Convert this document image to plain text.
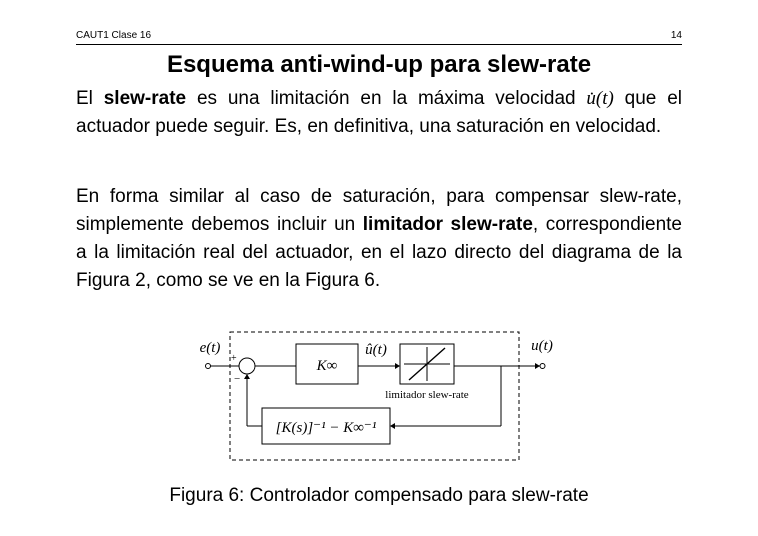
CAUT1 Clase 16	14
Esquema anti-wind-up para slew-rate

El slew-rate es una limitación en la máxima velocidad u̇(t) que el actuador puede seguir. Es, en definitiva, una saturación en velocidad.

En forma similar al caso de saturación, para compensar slew-rate, simplemente debemos incluir un limitador slew-rate, correspondiente a la limitación real del actuador, en el lazo directo del diagrama de la Figura 2, como se ve en la Figura 6.

+
−
K∞
û(t)
limitador slew-rate
u(t)
e(t)
[K(s)]⁻¹ − K∞⁻¹
Figura 6: Controlador compensado para slew-rate
